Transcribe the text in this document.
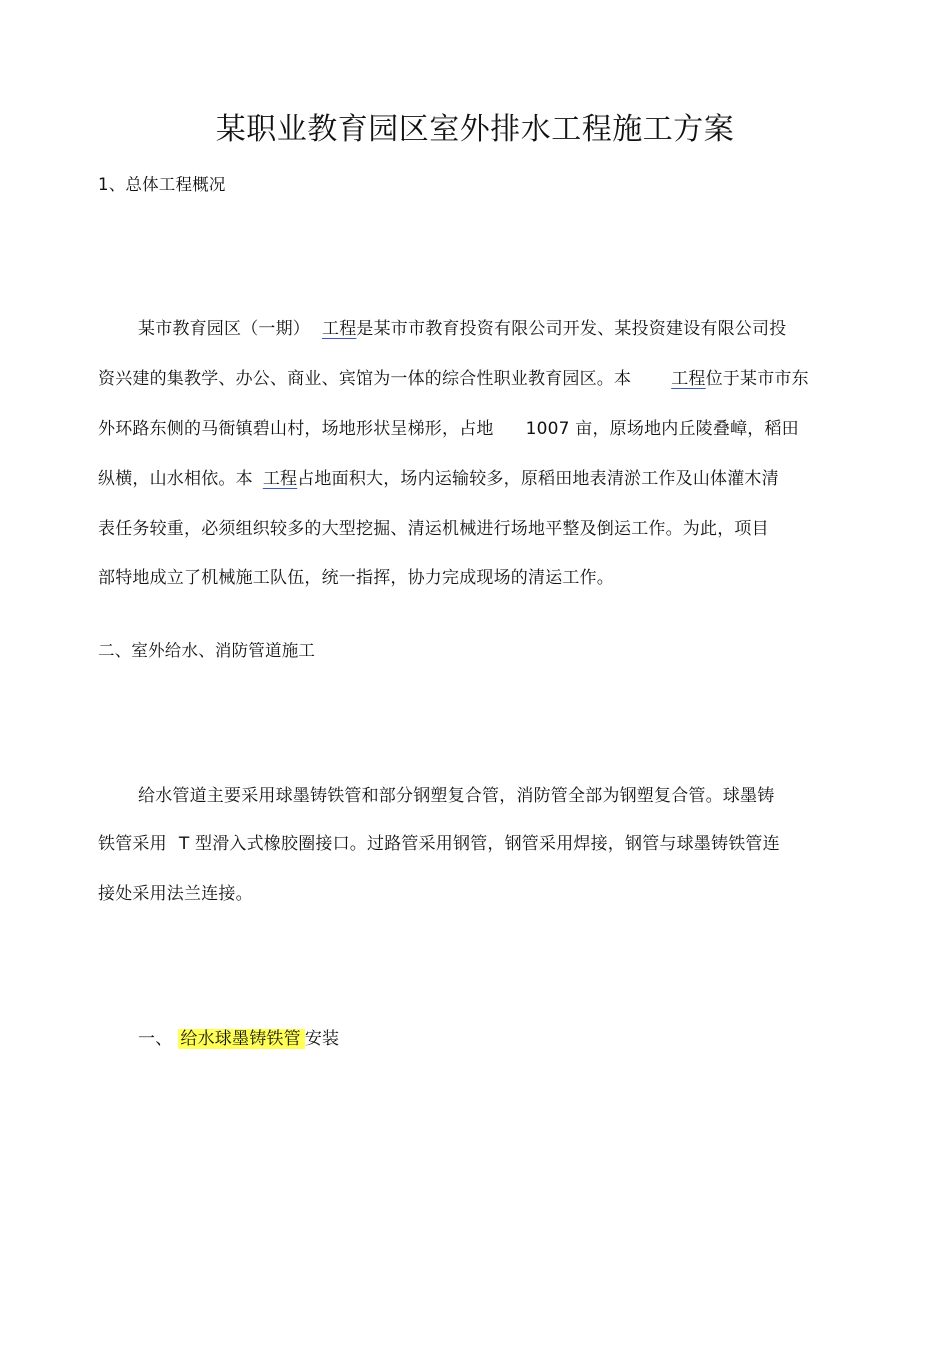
某职业教育园区室外排水工程施工方案
1、总体工程概况
某市教育园区（一期） 工程是某市市教育投资有限公司开发、某投资建设有限公司投
资兴建的集教学、办公、商业、宾馆为一体的综合性职业教育园区。本 工程位于某市市东
外环路东侧的马衙镇碧山村，场地形状呈梯形，占地 1007 亩，原场地内丘陵叠嶂，稻田
纵横，山水相依。本 工程占地面积大，场内运输较多，原稻田地表清淤工作及山体灌木清
表任务较重，必须组织较多的大型挖掘、清运机械进行场地平整及倒运工作。为此，项目
部特地成立了机械施工队伍，统一指挥，协力完成现场的清运工作。
二、室外给水、消防管道施工
给水管道主要采用球墨铸铁管和部分钢塑复合管，消防管全部为钢塑复合管。球墨铸
铁管采用 T 型滑入式橡胶圈接口。过路管采用钢管，钢管采用焊接，钢管与球墨铸铁管连
接处采用法兰连接。
一、 给水球墨铸铁管 安装
